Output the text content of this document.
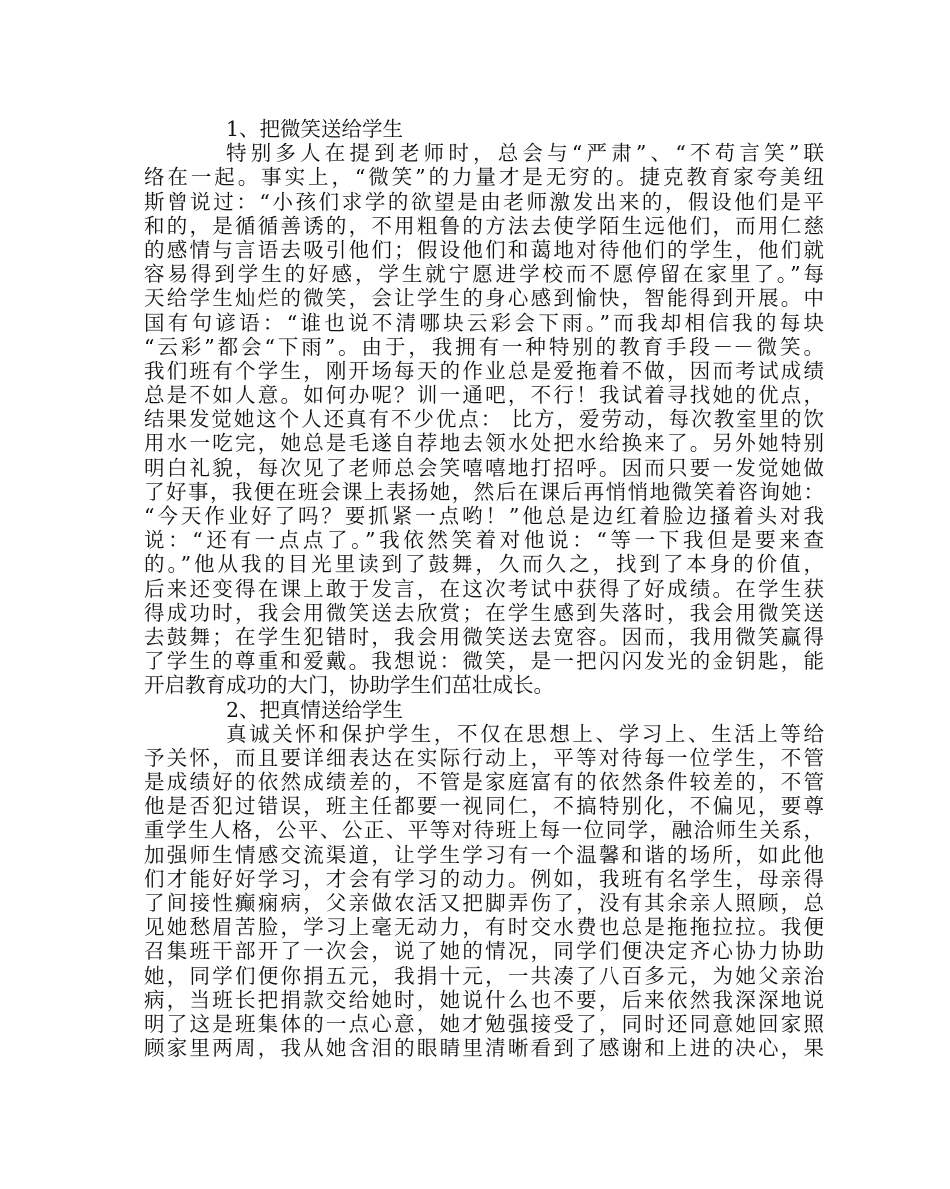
1、把微笑送给学生
特别多人在提到老师时，总会与“严肃”、“不苟言笑”联
络在一起。事实上，“微笑”的力量才是无穷的。捷克教育家夸美纽
斯曾说过：“小孩们求学的欲望是由老师激发出来的，假设他们是平
和的，是循循善诱的，不用粗鲁的方法去使学陌生远他们，而用仁慈
的感情与言语去吸引他们；假设他们和蔼地对待他们的学生，他们就
容易得到学生的好感，学生就宁愿进学校而不愿停留在家里了。”每
天给学生灿烂的微笑，会让学生的身心感到愉快，智能得到开展。中
国有句谚语：“谁也说不清哪块云彩会下雨。”而我却相信我的每块
“云彩”都会“下雨”。由于，我拥有一种特别的教育手段－－微笑。
我们班有个学生，刚开场每天的作业总是爱拖着不做，因而考试成绩
总是不如人意。如何办呢？训一通吧，不行！我试着寻找她的优点，
结果发觉她这个人还真有不少优点： 比方，爱劳动，每次教室里的饮
用水一吃完，她总是毛遂自荐地去领水处把水给换来了。另外她特别
明白礼貌，每次见了老师总会笑嘻嘻地打招呼。因而只要一发觉她做
了好事，我便在班会课上表扬她，然后在课后再悄悄地微笑着咨询她：
“今天作业好了吗？要抓紧一点哟！”他总是边红着脸边搔着头对我
说：“还有一点点了。”我依然笑着对他说：“等一下我但是要来查
的。”他从我的目光里读到了鼓舞，久而久之，找到了本身的价值，
后来还变得在课上敢于发言，在这次考试中获得了好成绩。在学生获
得成功时，我会用微笑送去欣赏；在学生感到失落时，我会用微笑送
去鼓舞；在学生犯错时，我会用微笑送去宽容。因而，我用微笑赢得
了学生的尊重和爱戴。我想说：微笑，是一把闪闪发光的金钥匙，能
开启教育成功的大门，协助学生们茁壮成长。
2、把真情送给学生
真诚关怀和保护学生，不仅在思想上、学习上、生活上等给
予关怀，而且要详细表达在实际行动上，平等对待每一位学生，不管
是成绩好的依然成绩差的，不管是家庭富有的依然条件较差的，不管
他是否犯过错误，班主任都要一视同仁，不搞特别化，不偏见，要尊
重学生人格，公平、公正、平等对待班上每一位同学，融洽师生关系，
加强师生情感交流渠道，让学生学习有一个温馨和谐的场所，如此他
们才能好好学习，才会有学习的动力。例如，我班有名学生，母亲得
了间接性癫痫病，父亲做农活又把脚弄伤了，没有其余亲人照顾，总
见她愁眉苦脸，学习上毫无动力，有时交水费也总是拖拖拉拉。我便
召集班干部开了一次会，说了她的情况，同学们便决定齐心协力协助
她，同学们便你捐五元，我捐十元，一共凑了八百多元，为她父亲治
病，当班长把捐款交给她时，她说什么也不要，后来依然我深深地说
明了这是班集体的一点心意，她才勉强接受了，同时还同意她回家照
顾家里两周，我从她含泪的眼睛里清晰看到了感谢和上进的决心，果
